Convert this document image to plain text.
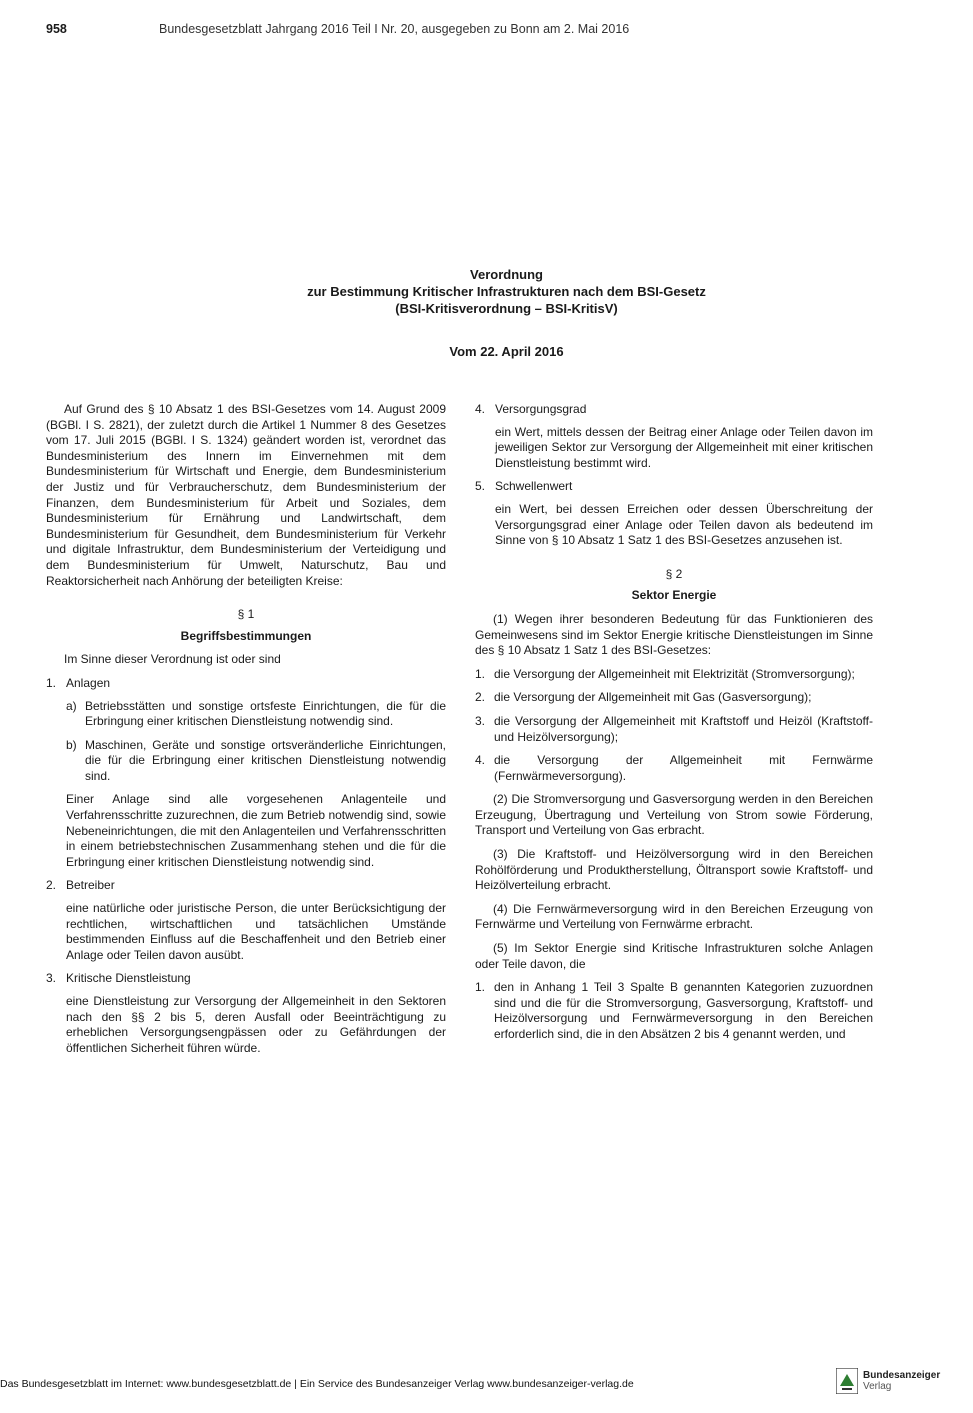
958	Bundesgesetzblatt Jahrgang 2016 Teil I Nr. 20, ausgegeben zu Bonn am 2. Mai 2016
Verordnung
zur Bestimmung Kritischer Infrastrukturen nach dem BSI-Gesetz
(BSI-Kritisverordnung – BSI-KritisV)
Vom 22. April 2016

Auf Grund des § 10 Absatz 1 des BSI-Gesetzes vom 14. August 2009 (BGBl. I S. 2821), der zuletzt durch die Artikel 1 Nummer 8 des Gesetzes vom 17. Juli 2015 (BGBl. I S. 1324) geändert worden ist, verordnet das Bundesministerium des Innern im Einvernehmen mit dem Bundesministerium für Wirtschaft und Energie, dem Bundesministerium der Justiz und für Verbraucherschutz, dem Bundesministerium der Finanzen, dem Bundesministerium für Arbeit und Soziales, dem Bundesministerium für Ernährung und Landwirtschaft, dem Bundesministerium für Gesundheit, dem Bundesministerium für Verkehr und digitale Infrastruktur, dem Bundesministerium der Verteidigung und dem Bundesministerium für Umwelt, Naturschutz, Bau und Reaktorsicherheit nach Anhörung der beteiligten Kreise:

§ 1
Begriffsbestimmungen

Im Sinne dieser Verordnung ist oder sind

1. Anlagen
a) Betriebsstätten und sonstige ortsfeste Einrichtungen, die für die Erbringung einer kritischen Dienstleistung notwendig sind.
b) Maschinen, Geräte und sonstige ortsveränderliche Einrichtungen, die für die Erbringung einer kritischen Dienstleistung notwendig sind.

Einer Anlage sind alle vorgesehenen Anlagenteile und Verfahrensschritte zuzurechnen, die zum Betrieb notwendig sind, sowie Nebeneinrichtungen, die mit den Anlagenteilen und Verfahrensschritten in einem betriebstechnischen Zusammenhang stehen und die für die Erbringung einer kritischen Dienstleistung notwendig sind.

2. Betreiber

eine natürliche oder juristische Person, die unter Berücksichtigung der rechtlichen, wirtschaftlichen und tatsächlichen Umstände bestimmenden Einfluss auf die Beschaffenheit und den Betrieb einer Anlage oder Teilen davon ausübt.

3. Kritische Dienstleistung

eine Dienstleistung zur Versorgung der Allgemeinheit in den Sektoren nach den §§ 2 bis 5, deren Ausfall oder Beeinträchtigung zu erheblichen Versorgungsengpässen oder zu Gefährdungen der öffentlichen Sicherheit führen würde.

4. Versorgungsgrad

ein Wert, mittels dessen der Beitrag einer Anlage oder Teilen davon im jeweiligen Sektor zur Versorgung der Allgemeinheit mit einer kritischen Dienstleistung bestimmt wird.

5. Schwellenwert

ein Wert, bei dessen Erreichen oder dessen Überschreitung der Versorgungsgrad einer Anlage oder Teilen davon als bedeutend im Sinne von § 10 Absatz 1 Satz 1 des BSI-Gesetzes anzusehen ist.

§ 2
Sektor Energie

(1) Wegen ihrer besonderen Bedeutung für das Funktionieren des Gemeinwesens sind im Sektor Energie kritische Dienstleistungen im Sinne des § 10 Absatz 1 Satz 1 des BSI-Gesetzes:

1. die Versorgung der Allgemeinheit mit Elektrizität (Stromversorgung);
2. die Versorgung der Allgemeinheit mit Gas (Gasversorgung);
3. die Versorgung der Allgemeinheit mit Kraftstoff und Heizöl (Kraftstoff- und Heizölversorgung);
4. die Versorgung der Allgemeinheit mit Fernwärme (Fernwärmeversorgung).

(2) Die Stromversorgung und Gasversorgung werden in den Bereichen Erzeugung, Übertragung und Verteilung von Strom sowie Förderung, Transport und Verteilung von Gas erbracht.

(3) Die Kraftstoff- und Heizölversorgung wird in den Bereichen Rohölförderung und Produktherstellung, Öltransport sowie Kraftstoff- und Heizölverteilung erbracht.

(4) Die Fernwärmeversorgung wird in den Bereichen Erzeugung von Fernwärme und Verteilung von Fernwärme erbracht.

(5) Im Sektor Energie sind Kritische Infrastrukturen solche Anlagen oder Teile davon, die

1. den in Anhang 1 Teil 3 Spalte B genannten Kategorien zuzuordnen sind und die für die Stromversorgung, Gasversorgung, Kraftstoff- und Heizölversorgung und Fernwärmeversorgung in den Bereichen erforderlich sind, die in den Absätzen 2 bis 4 genannt werden, und
Das Bundesgesetzblatt im Internet: www.bundesgesetzblatt.de | Ein Service des Bundesanzeiger Verlag www.bundesanzeiger-verlag.de
Bundesanzeiger
Verlag
